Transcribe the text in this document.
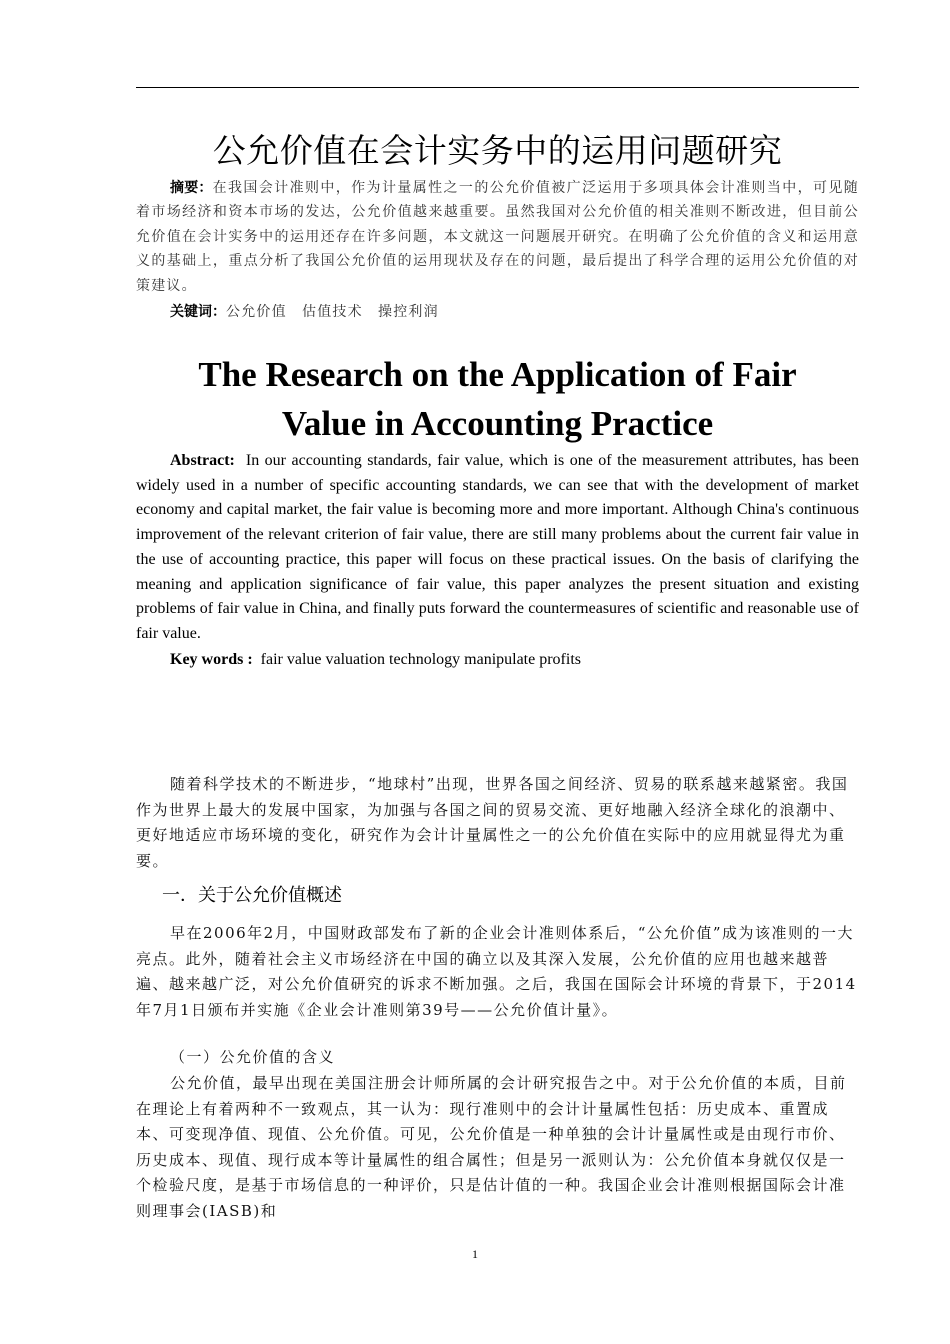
公允价值在会计实务中的运用问题研究
摘要：在我国会计准则中，作为计量属性之一的公允价值被广泛运用于多项具体会计准则当中，可见随着市场经济和资本市场的发达，公允价值越来越重要。虽然我国对公允价值的相关准则不断改进，但目前公允价值在会计实务中的运用还存在许多问题，本文就这一问题展开研究。在明确了公允价值的含义和运用意义的基础上，重点分析了我国公允价值的运用现状及存在的问题，最后提出了科学合理的运用公允价值的对策建议。
关键词：公允价值　估值技术　操控利润
The Research on the Application of Fair
Value in Accounting Practice
Abstract: In our accounting standards, fair value, which is one of the measurement attributes, has been widely used in a number of specific accounting standards, we can see that with the development of market economy and capital market, the fair value is becoming more and more important. Although China's continuous improvement of the relevant criterion of fair value, there are still many problems about the current fair value in the use of accounting practice, this paper will focus on these practical issues. On the basis of clarifying the meaning and application significance of fair value, this paper analyzes the present situation and existing problems of fair value in China, and finally puts forward the countermeasures of scientific and reasonable use of fair value.
Key words : fair value valuation technology manipulate profits
随着科学技术的不断进步，“地球村”出现，世界各国之间经济、贸易的联系越来越紧密。我国作为世界上最大的发展中国家，为加强与各国之间的贸易交流、更好地融入经济全球化的浪潮中、更好地适应市场环境的变化，研究作为会计计量属性之一的公允价值在实际中的应用就显得尤为重要。
一．关于公允价值概述
早在2006年2月，中国财政部发布了新的企业会计准则体系后，“公允价值”成为该准则的一大亮点。此外，随着社会主义市场经济在中国的确立以及其深入发展，公允价值的应用也越来越普遍、越来越广泛，对公允价值研究的诉求不断加强。之后，我国在国际会计环境的背景下，于2014年7月1日颁布并实施《企业会计准则第39号——公允价值计量》。
（一）公允价值的含义
公允价值，最早出现在美国注册会计师所属的会计研究报告之中。对于公允价值的本质，目前在理论上有着两种不一致观点，其一认为：现行准则中的会计计量属性包括：历史成本、重置成本、可变现净值、现值、公允价值。可见，公允价值是一种单独的会计计量属性或是由现行市价、历史成本、现值、现行成本等计量属性的组合属性；但是另一派则认为：公允价值本身就仅仅是一个检验尺度，是基于市场信息的一种评价，只是估计值的一种。我国企业会计准则根据国际会计准则理事会(IASB)和
1
